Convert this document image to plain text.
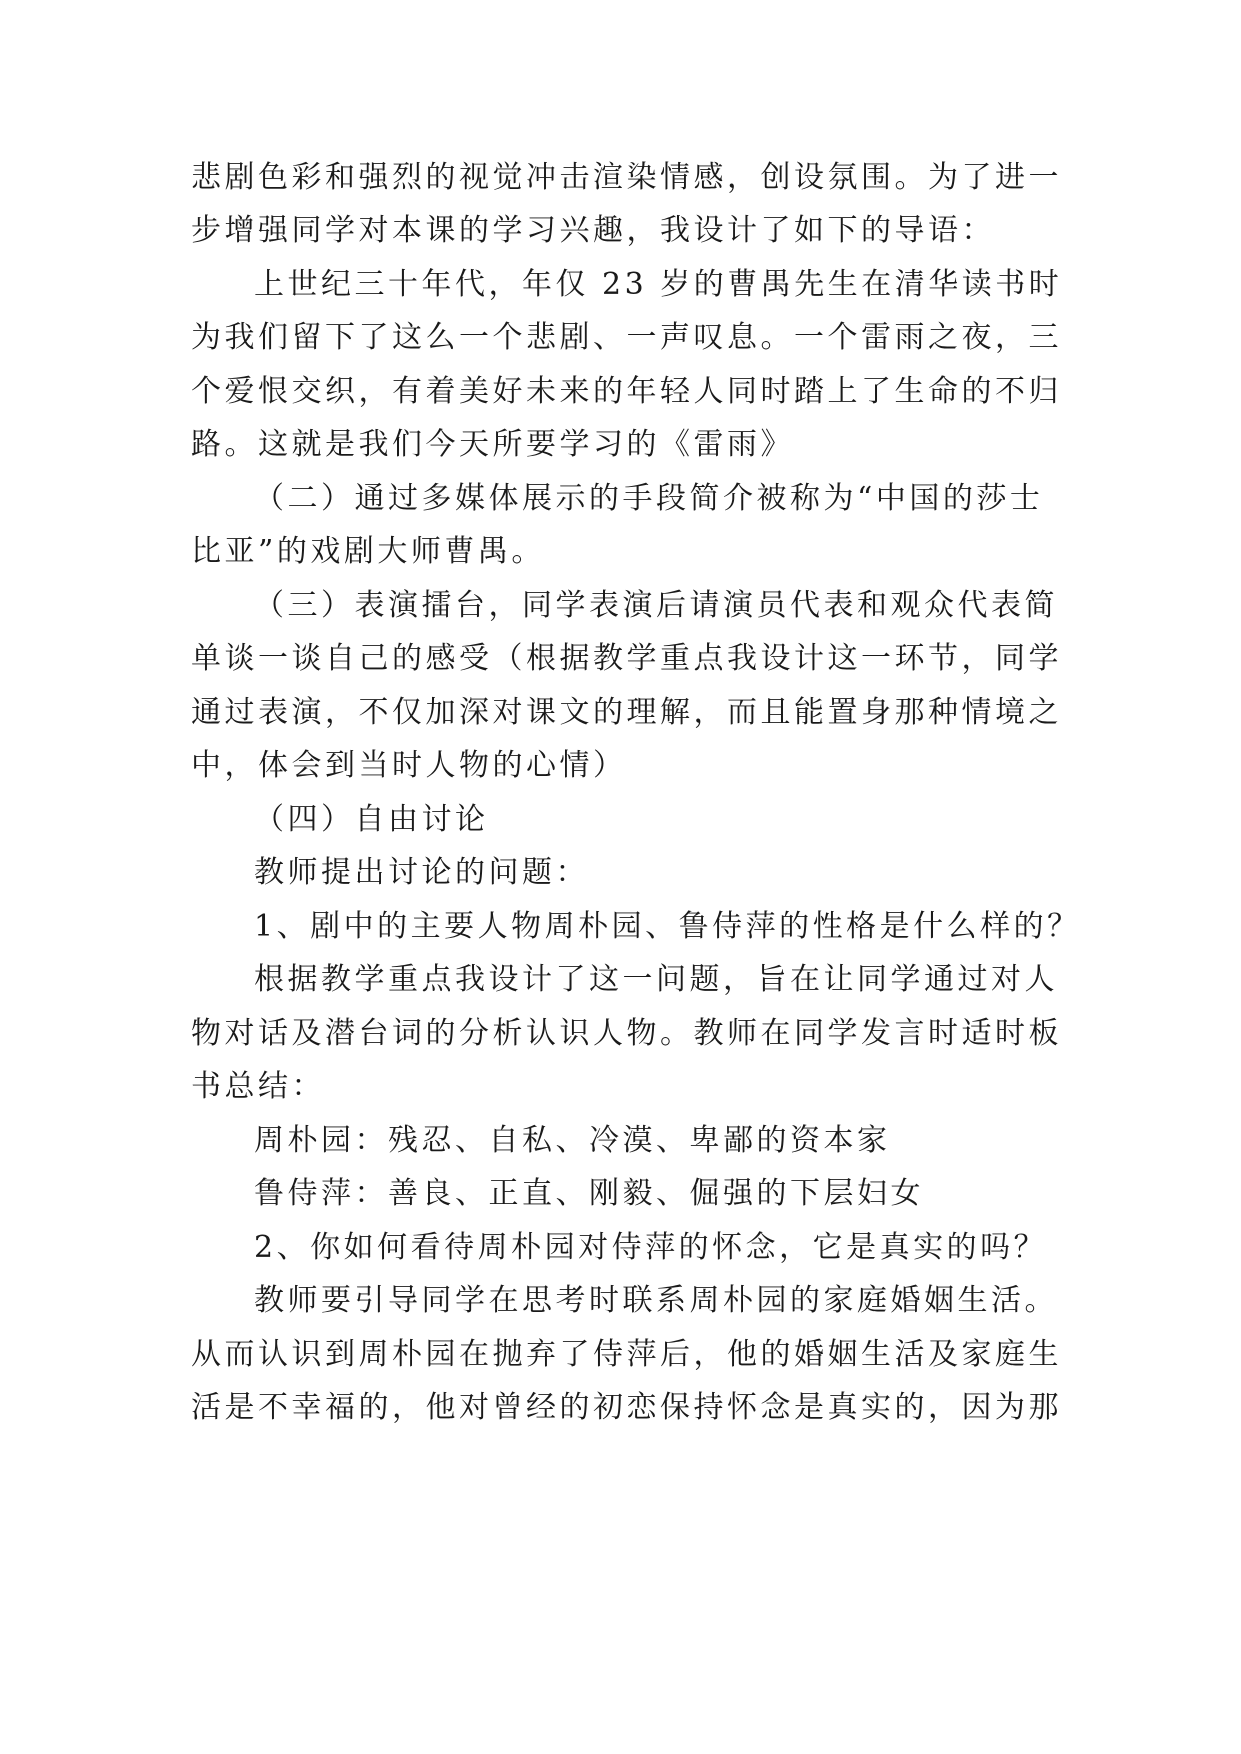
悲剧色彩和强烈的视觉冲击渲染情感，创设氛围。为了进一
步增强同学对本课的学习兴趣，我设计了如下的导语：
上世纪三十年代，年仅 23 岁的曹禺先生在清华读书时
为我们留下了这么一个悲剧、一声叹息。一个雷雨之夜，三
个爱恨交织，有着美好未来的年轻人同时踏上了生命的不归
路。这就是我们今天所要学习的《雷雨》
（二）通过多媒体展示的手段简介被称为“中国的莎士
比亚”的戏剧大师曹禺。
（三）表演擂台，同学表演后请演员代表和观众代表简
单谈一谈自己的感受（根据教学重点我设计这一环节，同学
通过表演，不仅加深对课文的理解，而且能置身那种情境之
中，体会到当时人物的心情）
（四）自由讨论
教师提出讨论的问题：
1、剧中的主要人物周朴园、鲁侍萍的性格是什么样的？
根据教学重点我设计了这一问题，旨在让同学通过对人
物对话及潜台词的分析认识人物。教师在同学发言时适时板
书总结：
周朴园：残忍、自私、冷漠、卑鄙的资本家
鲁侍萍：善良、正直、刚毅、倔强的下层妇女
2、你如何看待周朴园对侍萍的怀念，它是真实的吗？
教师要引导同学在思考时联系周朴园的家庭婚姻生活。
从而认识到周朴园在抛弃了侍萍后，他的婚姻生活及家庭生
活是不幸福的，他对曾经的初恋保持怀念是真实的，因为那
